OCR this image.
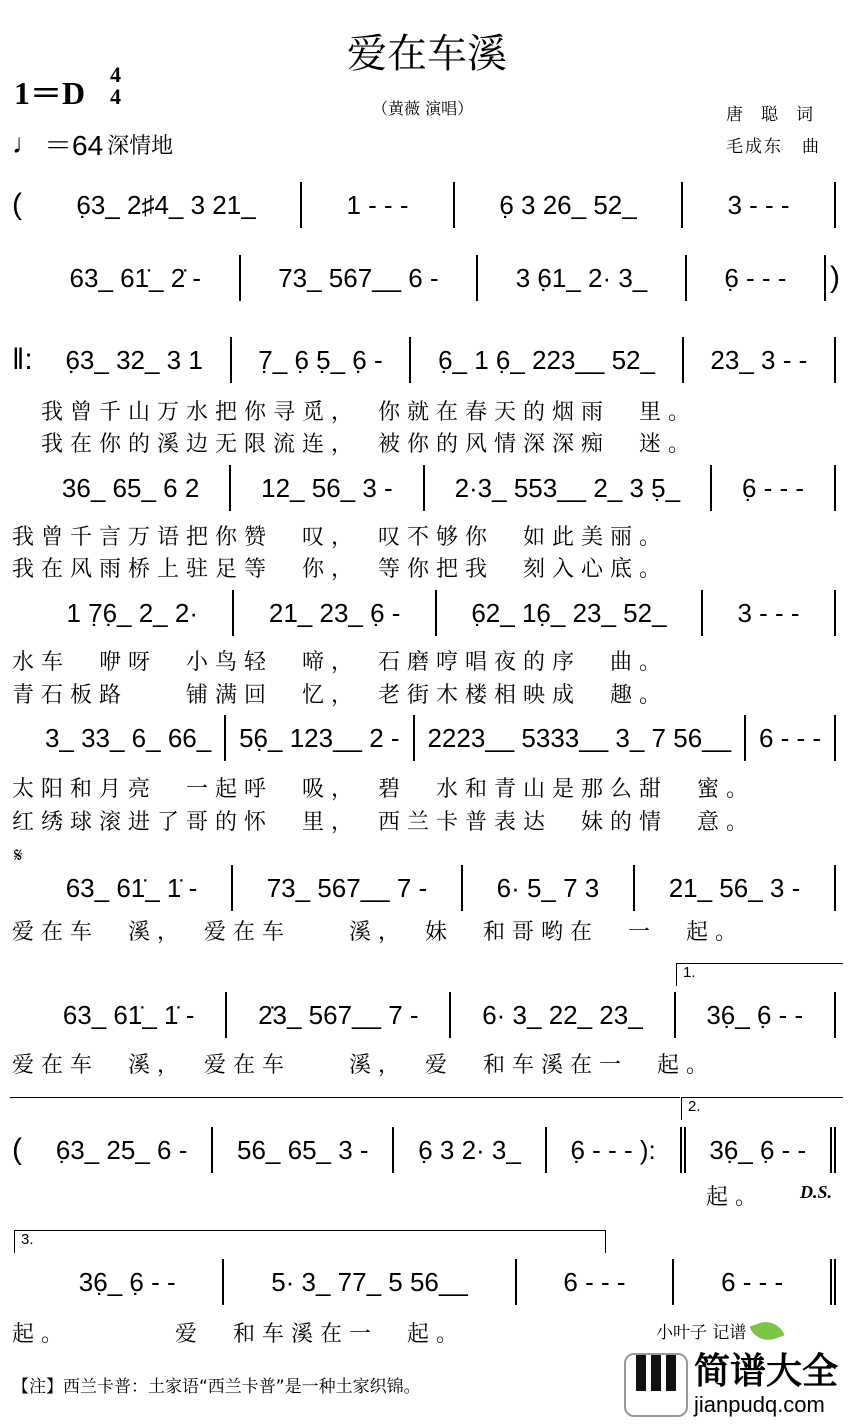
爱在车溪
1＝D
4
4
♩ ＝64 深情地
（黄薇 演唱）	唐聪词
毛成东　曲
(	6̣3_ 2♯4_ 3 21_	1 - - -	6̣ 3 26_ 52_	3 - - -
63_ 61̇_ 2̇ -	73_ 567__ 6 -	3 6̣1_ 2· 3_	6̣ - - - )
‖: 6̣3_ 32_ 3 1 7̣_ 6̣ 5̣_ 6̣ - 6̣_ 1 6̣_ 223__ 52_ 23_ 3 - -
36_ 65_ 6 2 12_ 56_ 3 - 2·3_ 553__ 2_ 3 5̣_ 6̣ - - -
1 7̣6̣_ 2_ 2·	21_ 23_ 6̣ -	6̣2_ 16̣_ 23_ 52_	3 - - -
3_ 33_ 6_ 66_ 56̣_ 123__ 2 - 2223__ 5333__ 3_ 7 56__ 6 - - -
63_ 61̇_ 1̇ -	73_ 567__ 7 -	6· 5_ 7 3	21_ 56_ 3 -
63_ 61̇_ 1̇ - 2̇3_ 567__ 7 - 6· 3_ 22_ 23_ 36̣_ 6̣ - -
(	6̣3_ 25_ 6 - 56_ 65_ 3 - 6̣ 3 2· 3_ 6̣ - - - ): 36̣_ 6̣ - -
36̣_ 6̣ - -	5· 3_ 77_ 5 56__	6 - - -	6 - - -
　我曾千山万水把你寻觅，　你就在春天的烟雨　里。
　我在你的溪边无限流连，　被你的风情深深痴　迷。
我曾千言万语把你赞　叹，　叹不够你　如此美丽。
我在风雨桥上驻足等　你，　等你把我　刻入心底。
水车　咿呀　小鸟轻　啼，　石磨哼唱夜的序　曲。
青石板路　　铺满回　忆，　老街木楼相映成　趣。
太阳和月亮　一起呼　吸，　碧　水和青山是那么甜　蜜。
红绣球滚进了哥的怀　里，　西兰卡普表达　妹的情　意。
爱在车　溪，　爱在车　　溪，　妹　和哥哟在　一　起。
爱在车　溪，　爱在车　　溪，　爱　和车溪在一　起。
起。
起。　　　　爱　和车溪在一　起。
𝄋
1.
2.
3.
D.S.
小叶子 记谱
【注】西兰卡普：土家语“西兰卡普”是一种土家织锦。	简谱大全
jianpudq.com
